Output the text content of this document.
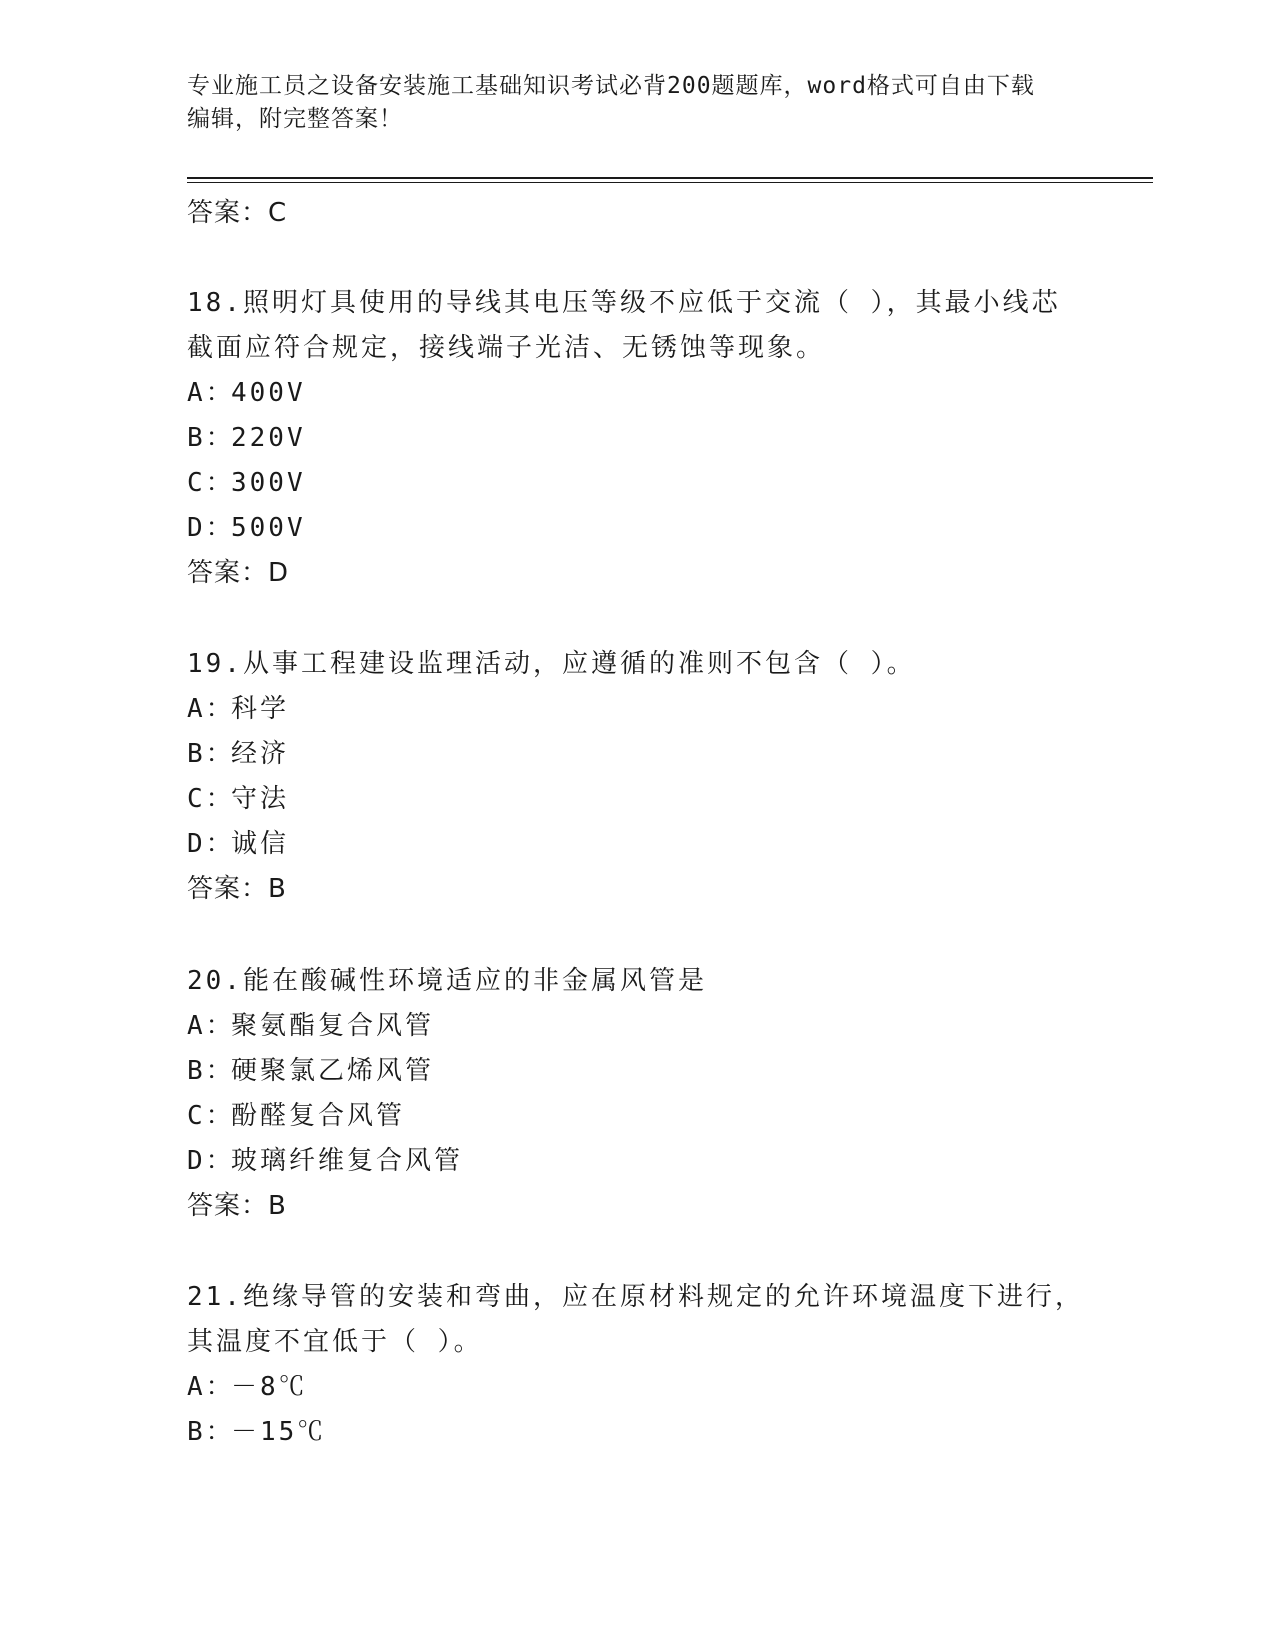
专业施工员之设备安装施工基础知识考试必背200题题库，word格式可自由下载
编辑，附完整答案！
答案：C
18.照明灯具使用的导线其电压等级不应低于交流（ ），其最小线芯
截面应符合规定，接线端子光洁、无锈蚀等现象。
A：400V
B：220V
C：300V
D：500V
答案：D
19.从事工程建设监理活动，应遵循的准则不包含（ ）。
A：科学
B：经济
C：守法
D：诚信
答案：B
20.能在酸碱性环境适应的非金属风管是
A：聚氨酯复合风管
B：硬聚氯乙烯风管
C：酚醛复合风管
D：玻璃纤维复合风管
答案：B
21.绝缘导管的安装和弯曲，应在原材料规定的允许环境温度下进行，
其温度不宜低于（ ）。
A：－8℃
B：－15℃
